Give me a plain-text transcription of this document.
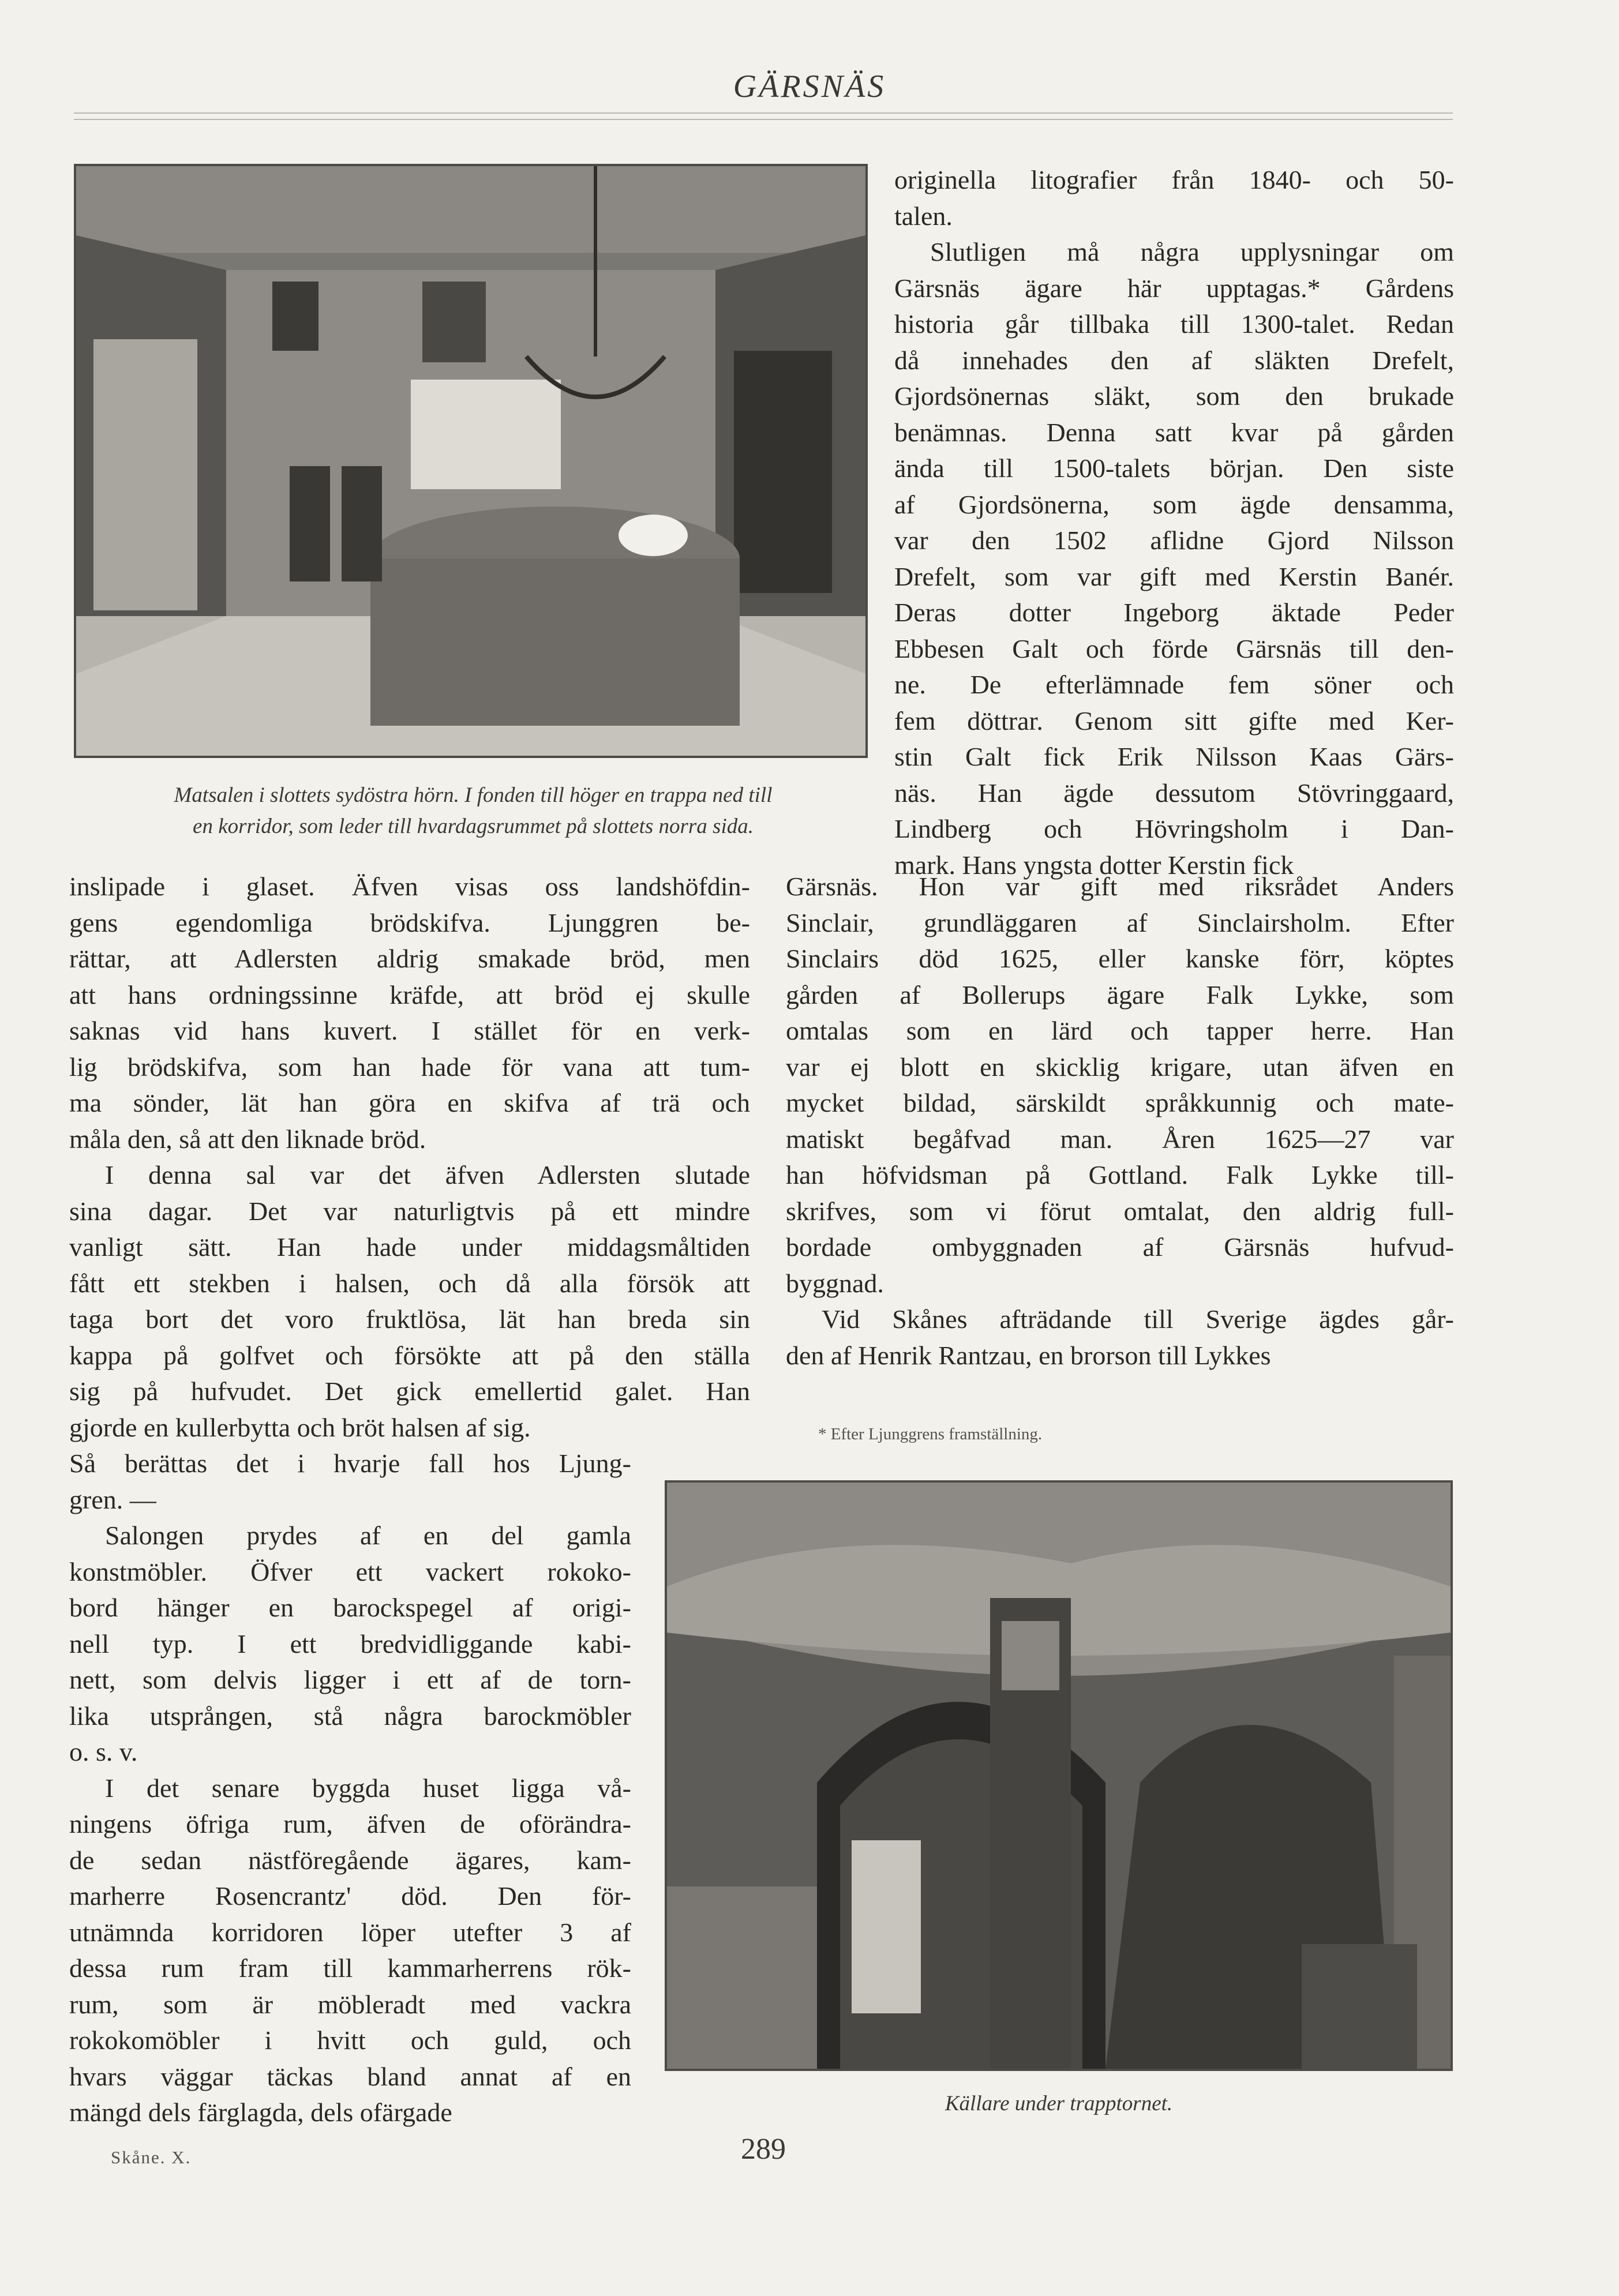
GÄRSNÄS
Matsalen i slottets sydöstra hörn. I fonden till höger en trappa ned till
en korridor, som leder till hvardagsrummet på slottets norra sida.

originella litografier från 1840- och 50-

talen.

Slutligen må några upplysningar om

Gärsnäs ägare här upptagas.* Gårdens

historia går tillbaka till 1300-talet. Redan

då innehades den af släkten Drefelt,

Gjordsönernas släkt, som den brukade

benämnas. Denna satt kvar på gården

ända till 1500-talets början. Den siste

af Gjordsönerna, som ägde densamma,

var den 1502 aflidne Gjord Nilsson

Drefelt, som var gift med Kerstin Banér.

Deras dotter Ingeborg äktade Peder

Ebbesen Galt och förde Gärsnäs till den-

ne. De efterlämnade fem söner och

fem döttrar. Genom sitt gifte med Ker-

stin Galt fick Erik Nilsson Kaas Gärs-

näs. Han ägde dessutom Stövringgaard,

Lindberg och Hövringsholm i Dan-

mark. Hans yngsta dotter Kerstin fick

inslipade i glaset. Äfven visas oss landshöfdin-

gens egendomliga brödskifva. Ljunggren be-

rättar, att Adlersten aldrig smakade bröd, men

att hans ordningssinne kräfde, att bröd ej skulle

saknas vid hans kuvert. I stället för en verk-

lig brödskifva, som han hade för vana att tum-

ma sönder, lät han göra en skifva af trä och

måla den, så att den liknade bröd.

I denna sal var det äfven Adlersten slutade

sina dagar. Det var naturligtvis på ett mindre

vanligt sätt. Han hade under middagsmåltiden

fått ett stekben i halsen, och då alla försök att

taga bort det voro fruktlösa, lät han breda sin

kappa på golfvet och försökte att på den ställa

sig på hufvudet. Det gick emellertid galet. Han

gjorde en kullerbytta och bröt halsen af sig.

Gärsnäs. Hon var gift med riksrådet Anders

Sinclair, grundläggaren af Sinclairsholm. Efter

Sinclairs död 1625, eller kanske förr, köptes

gården af Bollerups ägare Falk Lykke, som

omtalas som en lärd och tapper herre. Han

var ej blott en skicklig krigare, utan äfven en

mycket bildad, särskildt språkkunnig och mate-

matiskt begåfvad man. Åren 1625—27 var

han höfvidsman på Gottland. Falk Lykke till-

skrifves, som vi förut omtalat, den aldrig full-

bordade ombyggnaden af Gärsnäs hufvud-

byggnad.

Vid Skånes afträdande till Sverige ägdes går-

den af Henrik Rantzau, en brorson till Lykkes

* Efter Ljunggrens framställning.

Så berättas det i hvarje fall hos Ljung-

gren. —

Salongen prydes af en del gamla

konstmöbler. Öfver ett vackert rokoko-

bord hänger en barockspegel af origi-

nell typ. I ett bredvidliggande kabi-

nett, som delvis ligger i ett af de torn-

lika utsprången, stå några barockmöbler

o. s. v.

I det senare byggda huset ligga vå-

ningens öfriga rum, äfven de oförändra-

de sedan nästföregående ägares, kam-

marherre Rosencrantz' död. Den för-

utnämnda korridoren löper utefter 3 af

dessa rum fram till kammarherrens rök-

rum, som är möbleradt med vackra

rokokomöbler i hvitt och guld, och

hvars väggar täckas bland annat af en

mängd dels färglagda, dels ofärgade	Källare under trapptornet.
Skåne. X.	289
